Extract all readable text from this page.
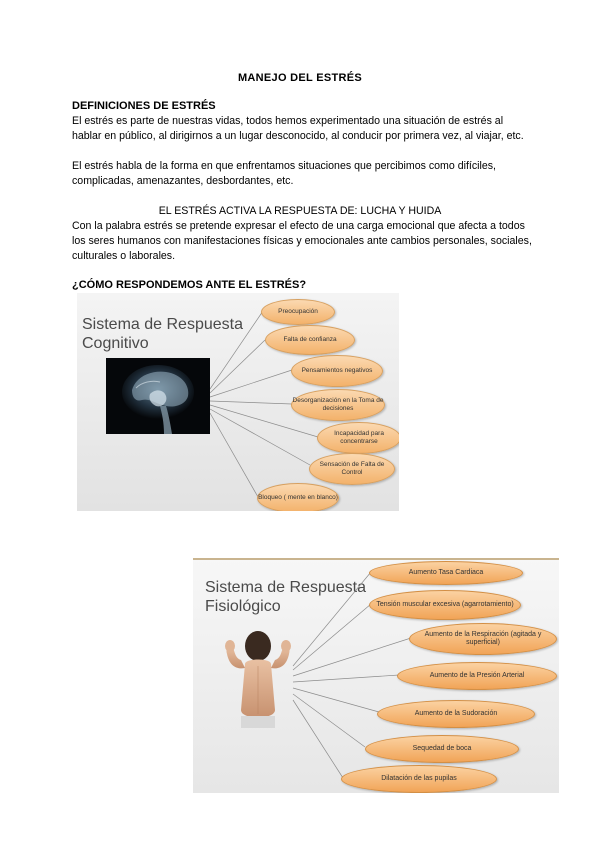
MANEJO DEL ESTRÉS
DEFINICIONES DE ESTRÉS
El estrés es parte de nuestras vidas, todos hemos experimentado una situación de estrés al hablar en público, al dirigirnos a un lugar desconocido, al conducir por primera vez, al viajar, etc.
El estrés habla de la forma en que enfrentamos situaciones que percibimos como difíciles, complicadas, amenazantes, desbordantes, etc.
EL ESTRÉS ACTIVA LA RESPUESTA DE: LUCHA Y HUIDA
Con la palabra estrés se pretende expresar el efecto de una carga emocional que afecta a todos los seres humanos con manifestaciones físicas y emocionales ante cambios personales, sociales, culturales o laborales.
¿CÓMO RESPONDEMOS ANTE EL ESTRÉS?
Sistema de Respuesta
Cognitivo
Preocupación
Falta de confianza
Pensamientos negativos
Desorganización en la Toma de decisiones
Incapacidad para concentrarse
Sensación de Falta de Control
Bloqueo ( mente en blanco)
Sistema de Respuesta
Fisiológico
Aumento Tasa Cardiaca
Tensión muscular excesiva (agarrotamiento)
Aumento de la Respiración (agitada y superficial)
Aumento de la Presión Arterial
Aumento de la Sudoración
Sequedad de boca
Dilatación de las pupilas
